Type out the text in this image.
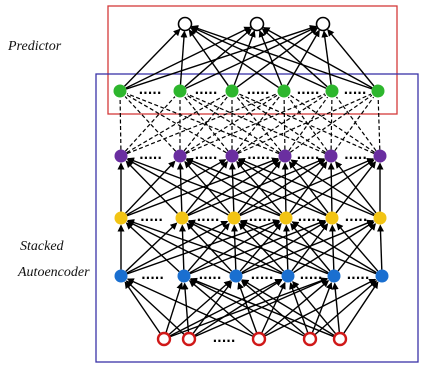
.....	..... ..... ..... .....
.....	..... ..... ..... .....
.....	..... ..... ..... .....
.....	..... ..... ..... .....
.....
Predictor
Stacked
Autoencoder
